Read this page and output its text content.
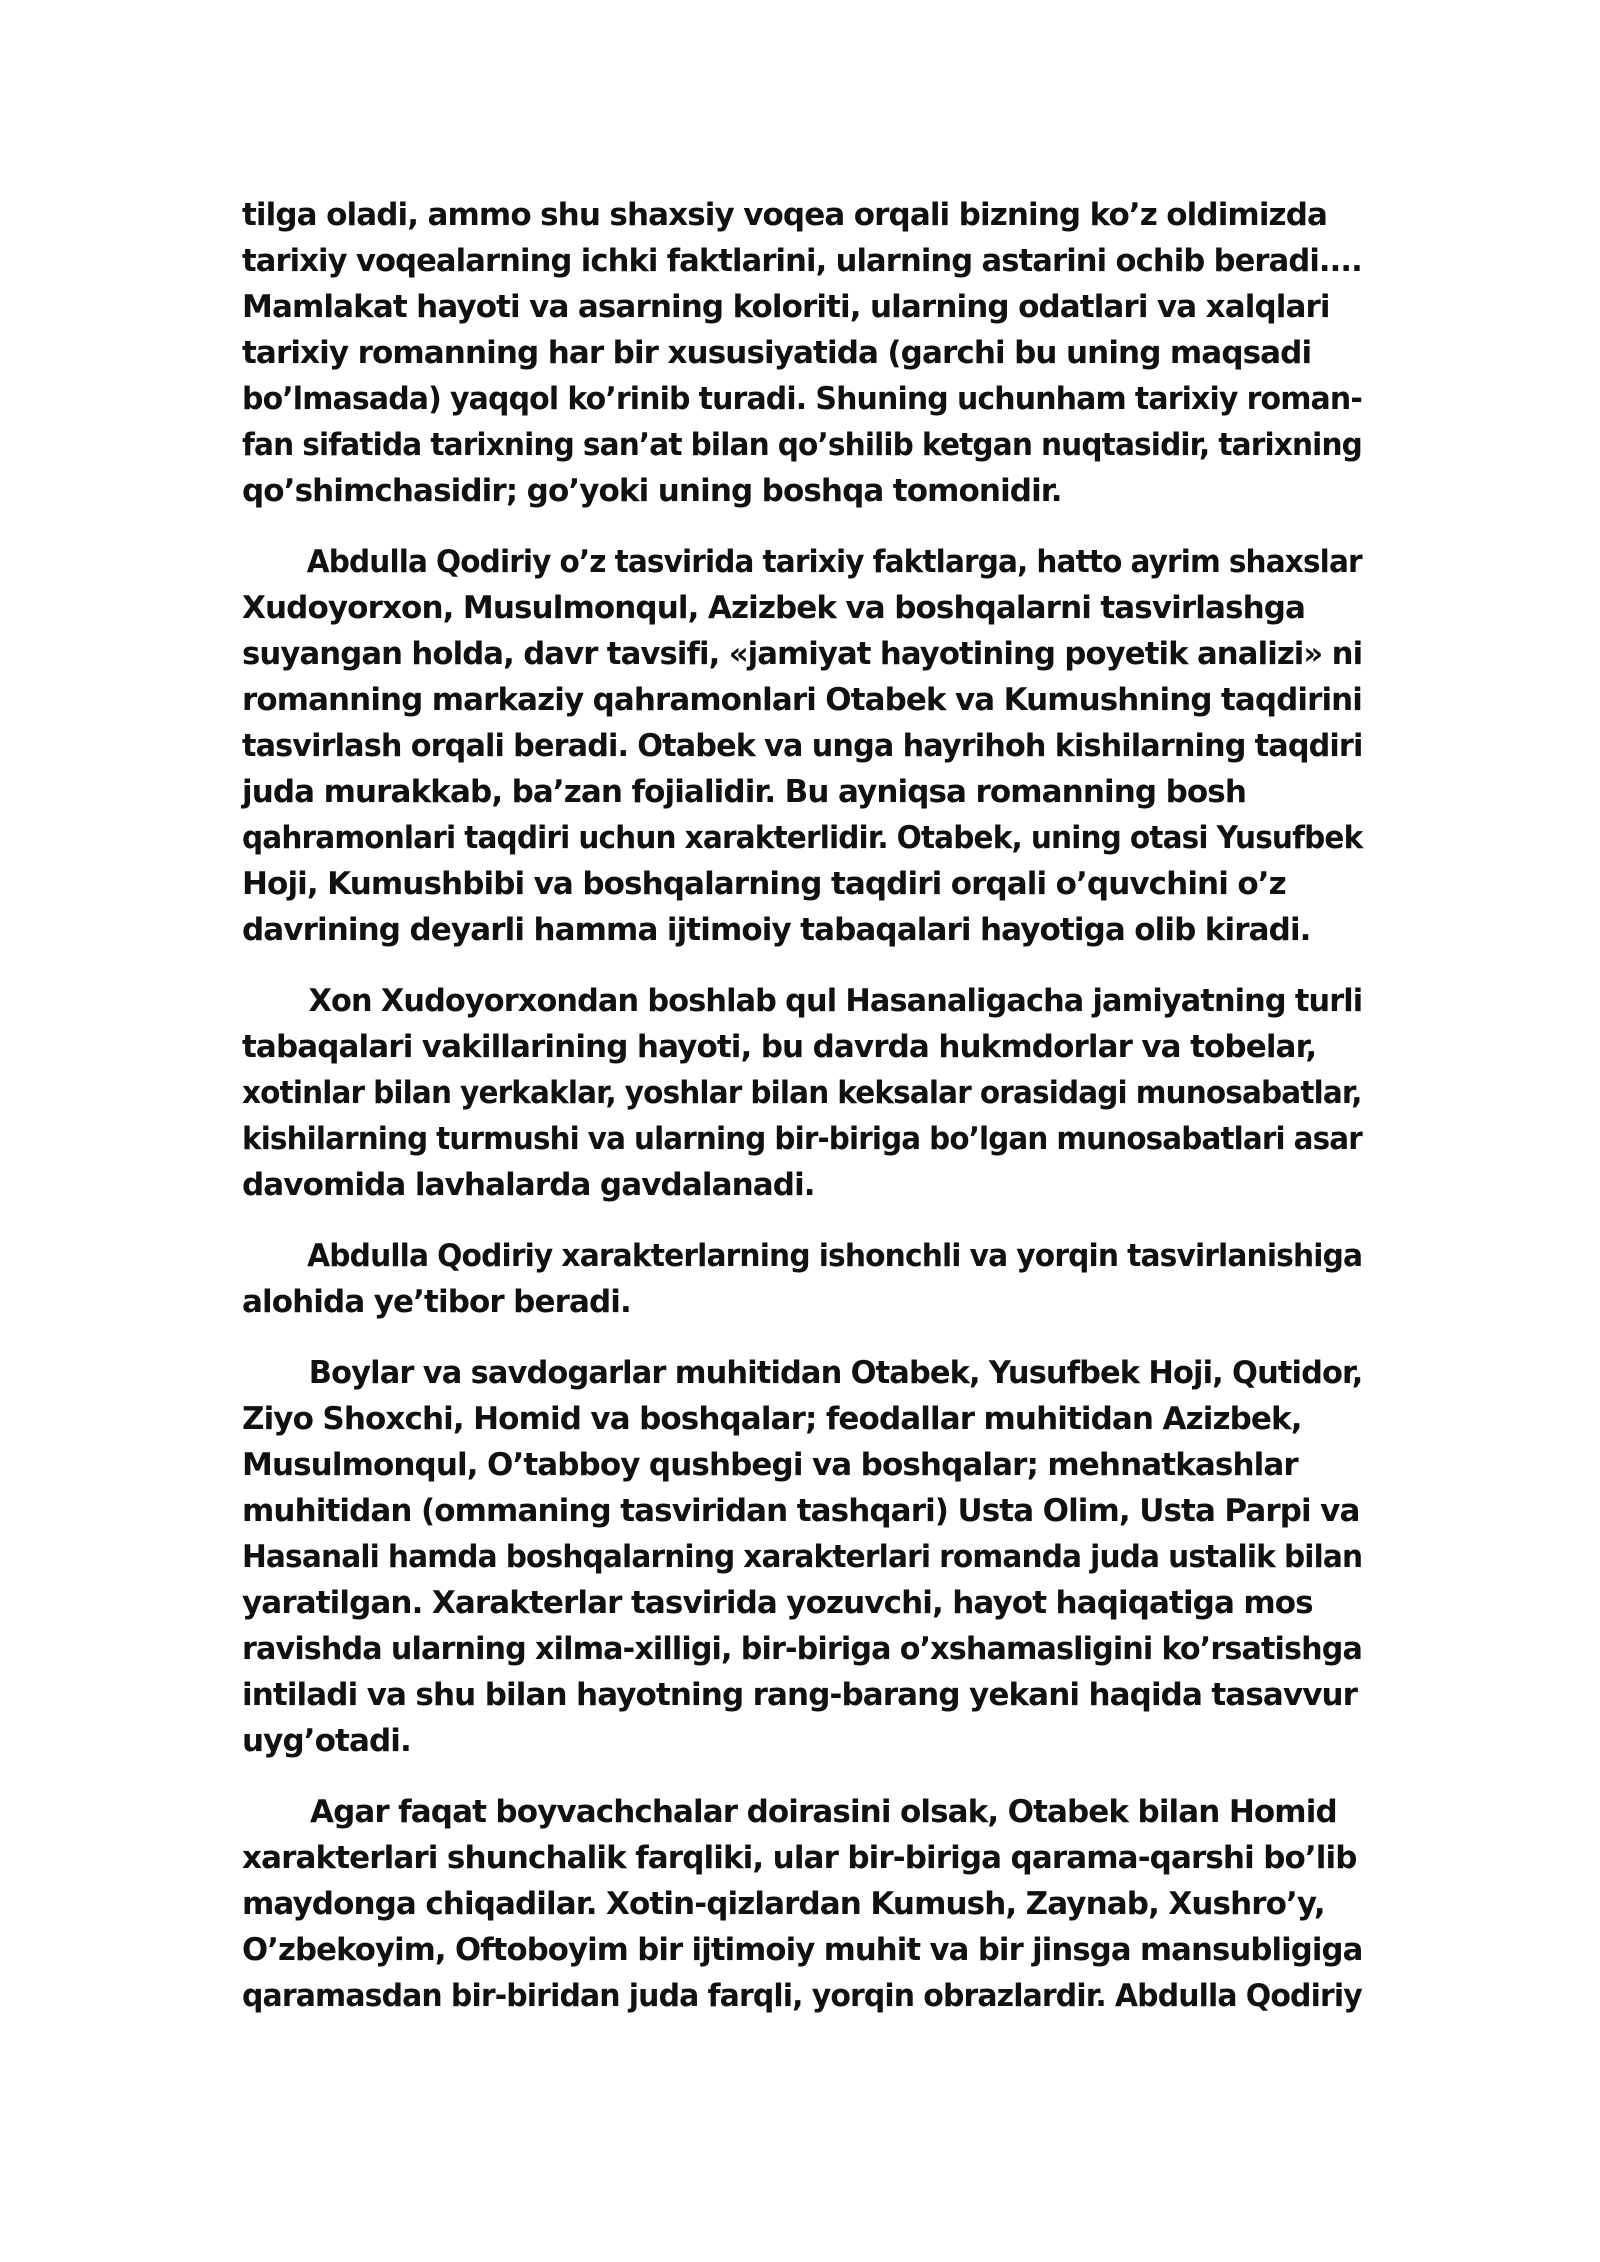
tilga oladi, ammo shu shaxsiy voqea orqali bizning ko’z oldimizda
tarixiy voqealarning ichki faktlarini, ularning astarini ochib beradi....
Mamlakat hayoti va asarning koloriti, ularning odatlari va xalqlari
tarixiy romanning har bir xususiyatida (garchi bu uning maqsadi
bo’lmasada) yaqqol ko’rinib turadi. Shuning uchunham tarixiy roman-
fan sifatida tarixning san’at bilan qo’shilib ketgan nuqtasidir, tarixning
qo’shimchasidir; go’yoki uning boshqa tomonidir.
Abdulla Qodiriy o’z tasvirida tarixiy faktlarga, hatto ayrim shaxslar
Xudoyorxon, Musulmonqul, Azizbek va boshqalarni tasvirlashga
suyangan holda, davr tavsifi, «jamiyat hayotining poyetik analizi» ni
romanning markaziy qahramonlari Otabek va Kumushning taqdirini
tasvirlash orqali beradi. Otabek va unga hayrihoh kishilarning taqdiri
juda murakkab, ba’zan fojialidir. Bu ayniqsa romanning bosh
qahramonlari taqdiri uchun xarakterlidir. Otabek, uning otasi Yusufbek
Hoji, Kumushbibi va boshqalarning taqdiri orqali o’quvchini o’z
davrining deyarli hamma ijtimoiy tabaqalari hayotiga olib kiradi.
Xon Xudoyorxondan boshlab qul Hasanaligacha jamiyatning turli
tabaqalari vakillarining hayoti, bu davrda hukmdorlar va tobelar,
xotinlar bilan yerkaklar, yoshlar bilan keksalar orasidagi munosabatlar,
kishilarning turmushi va ularning bir-biriga bo’lgan munosabatlari asar
davomida lavhalarda gavdalanadi.
Abdulla Qodiriy xarakterlarning ishonchli va yorqin tasvirlanishiga
alohida ye’tibor beradi.
Boylar va savdogarlar muhitidan Otabek, Yusufbek Hoji, Qutidor,
Ziyo Shoxchi, Homid va boshqalar; feodallar muhitidan Azizbek,
Musulmonqul, O’tabboy qushbegi va boshqalar; mehnatkashlar
muhitidan (ommaning tasviridan tashqari) Usta Olim, Usta Parpi va
Hasanali hamda boshqalarning xarakterlari romanda juda ustalik bilan
yaratilgan. Xarakterlar tasvirida yozuvchi, hayot haqiqatiga mos
ravishda ularning xilma-xilligi, bir-biriga o’xshamasligini ko’rsatishga
intiladi va shu bilan hayotning rang-barang yekani haqida tasavvur
uyg’otadi.
Agar faqat boyvachchalar doirasini olsak, Otabek bilan Homid
xarakterlari shunchalik farqliki, ular bir-biriga qarama-qarshi bo’lib
maydonga chiqadilar. Xotin-qizlardan Kumush, Zaynab, Xushro’y,
O’zbekoyim, Oftoboyim bir ijtimoiy muhit va bir jinsga mansubligiga
qaramasdan bir-biridan juda farqli, yorqin obrazlardir. Abdulla Qodiriy
